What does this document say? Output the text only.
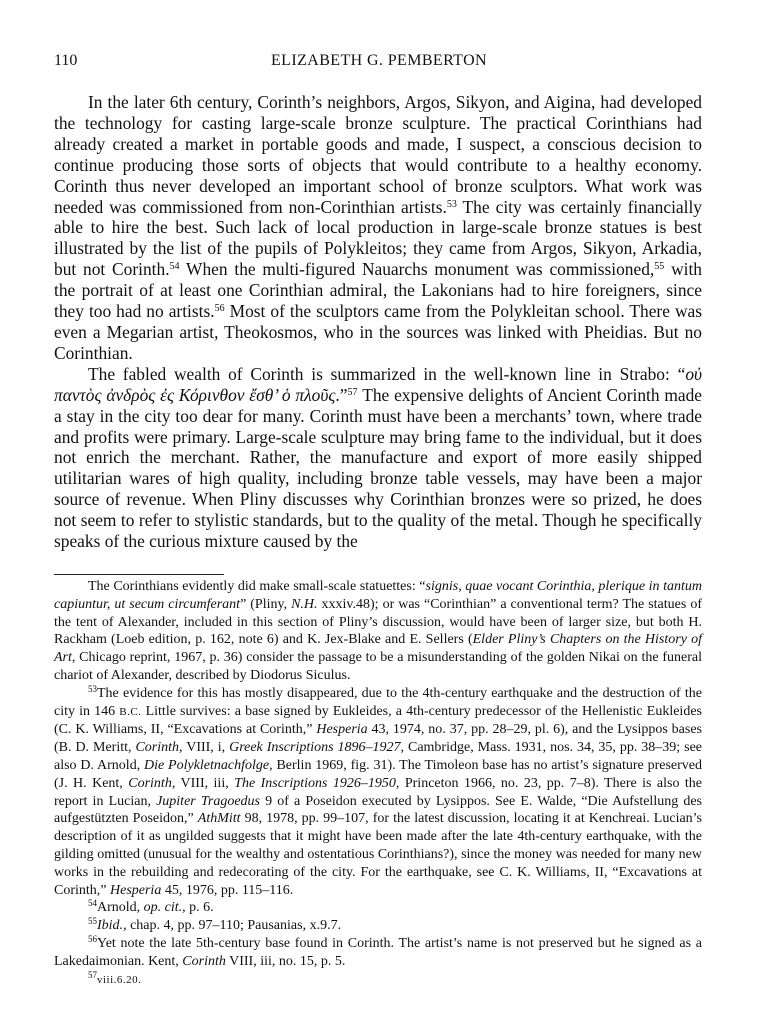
110	ELIZABETH G. PEMBERTON

In the later 6th century, Corinth’s neighbors, Argos, Sikyon, and Aigina, had developed the technology for casting large-scale bronze sculpture. The practical Corinthians had already created a market in portable goods and made, I suspect, a conscious decision to continue producing those sorts of objects that would contribute to a healthy economy. Corinth thus never developed an important school of bronze sculptors. What work was needed was commissioned from non-Corinthian artists.$^{53}$ The city was certainly financially able to hire the best. Such lack of local production in large-scale bronze statues is best illustrated by the list of the pupils of Polykleitos; they came from Argos, Sikyon, Arkadia, but not Corinth.$^{54}$ When the multi-figured Nauarchs monument was commissioned,$^{55}$ with the portrait of at least one Corinthian admiral, the Lakonians had to hire foreigners, since they too had no artists.$^{56}$ Most of the sculptors came from the Polykleitan school. There was even a Megarian artist, Theokosmos, who in the sources was linked with Pheidias. But no Corinthian.

The fabled wealth of Corinth is summarized in the well-known line in Strabo: “οὐ παντὸς ἀνδρὸς ἐς Κόρινθον ἔσθ’ ὁ πλοῦς.”$^{57}$ The expensive delights of Ancient Corinth made a stay in the city too dear for many. Corinth must have been a merchants’ town, where trade and profits were primary. Large-scale sculpture may bring fame to the individual, but it does not enrich the merchant. Rather, the manufacture and export of more easily shipped utilitarian wares of high quality, including bronze table vessels, may have been a major source of revenue. When Pliny discusses why Corinthian bronzes were so prized, he does not seem to refer to stylistic standards, but to the quality of the metal. Though he specifically speaks of the curious mixture caused by the

The Corinthians evidently did make small-scale statuettes: “signis, quae vocant Corinthia, plerique in tantum capiuntur, ut secum circumferant” (Pliny, N.H. xxxiv.48); or was “Corinthian” a conventional term? The statues of the tent of Alexander, included in this section of Pliny’s discussion, would have been of larger size, but both H. Rackham (Loeb edition, p. 162, note 6) and K. Jex-Blake and E. Sellers (Elder Pliny’s Chapters on the History of Art, Chicago reprint, 1967, p. 36) consider the passage to be a misunderstanding of the golden Nikai on the funeral chariot of Alexander, described by Diodorus Siculus.

$^{53}$The evidence for this has mostly disappeared, due to the 4th-century earthquake and the destruction of the city in 146 B.C. Little survives: a base signed by Eukleides, a 4th-century predecessor of the Hellenistic Eukleides (C. K. Williams, II, “Excavations at Corinth,” Hesperia 43, 1974, no. 37, pp. 28–29, pl. 6), and the Lysippos bases (B. D. Meritt, Corinth, VIII, i, Greek Inscriptions 1896–1927, Cambridge, Mass. 1931, nos. 34, 35, pp. 38–39; see also D. Arnold, Die Polykletnachfolge, Berlin 1969, fig. 31). The Timoleon base has no artist’s signature preserved (J. H. Kent, Corinth, VIII, iii, The Inscriptions 1926–1950, Princeton 1966, no. 23, pp. 7–8). There is also the report in Lucian, Jupiter Tragoedus 9 of a Poseidon executed by Lysippos. See E. Walde, “Die Aufstellung des aufgestützten Poseidon,” AthMitt 98, 1978, pp. 99–107, for the latest discussion, locating it at Kenchreai. Lucian’s description of it as ungilded suggests that it might have been made after the late 4th-century earthquake, with the gilding omitted (unusual for the wealthy and ostentatious Corinthians?), since the money was needed for many new works in the rebuilding and redecorating of the city. For the earthquake, see C. K. Williams, II, “Excavations at Corinth,” Hesperia 45, 1976, pp. 115–116.

$^{54}$Arnold, op. cit., p. 6.

$^{55}$Ibid., chap. 4, pp. 97–110; Pausanias, x.9.7.

$^{56}$Yet note the late 5th-century base found in Corinth. The artist’s name is not preserved but he signed as a Lakedaimonian. Kent, Corinth VIII, iii, no. 15, p. 5.

$^{57}$viii.6.20.
